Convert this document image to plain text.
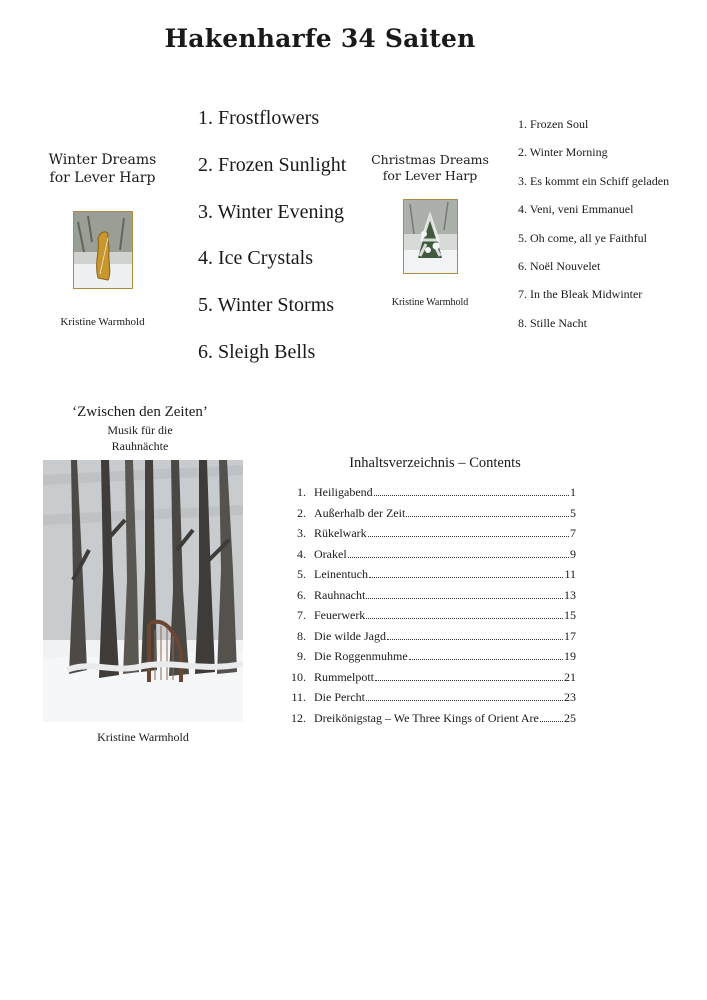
Hakenharfe 34 Saiten
Winter Dreams
for Lever Harp
Kristine Warmhold
1. Frostflowers
2. Frozen Sunlight
3. Winter Evening
4. Ice Crystals
5. Winter Storms
6. Sleigh Bells
Christmas Dreams
for Lever Harp
Kristine Warmhold
1. Frozen Soul
2. Winter Morning
3. Es kommt ein Schiff geladen
4. Veni, veni Emmanuel
5. Oh come, all ye Faithful
6. Noël Nouvelet
7. In the Bleak Midwinter
8. Stille Nacht
‘Zwischen den Zeiten’
Musik für die
Rauhnächte
Kristine Warmhold
Inhaltsverzeichnis – Contents
1. Heiligabend	1
2. Außerhalb der Zeit	5
3. Rükelwark	7
4. Orakel	9
5. Leinentuch	11
6. Rauhnacht	13
7. Feuerwerk	15
8. Die wilde Jagd	17
9. Die Roggenmuhme	19
10. Rummelpott	21
11. Die Percht	23
12. Dreikönigstag – We Three Kings of Orient Are 25
